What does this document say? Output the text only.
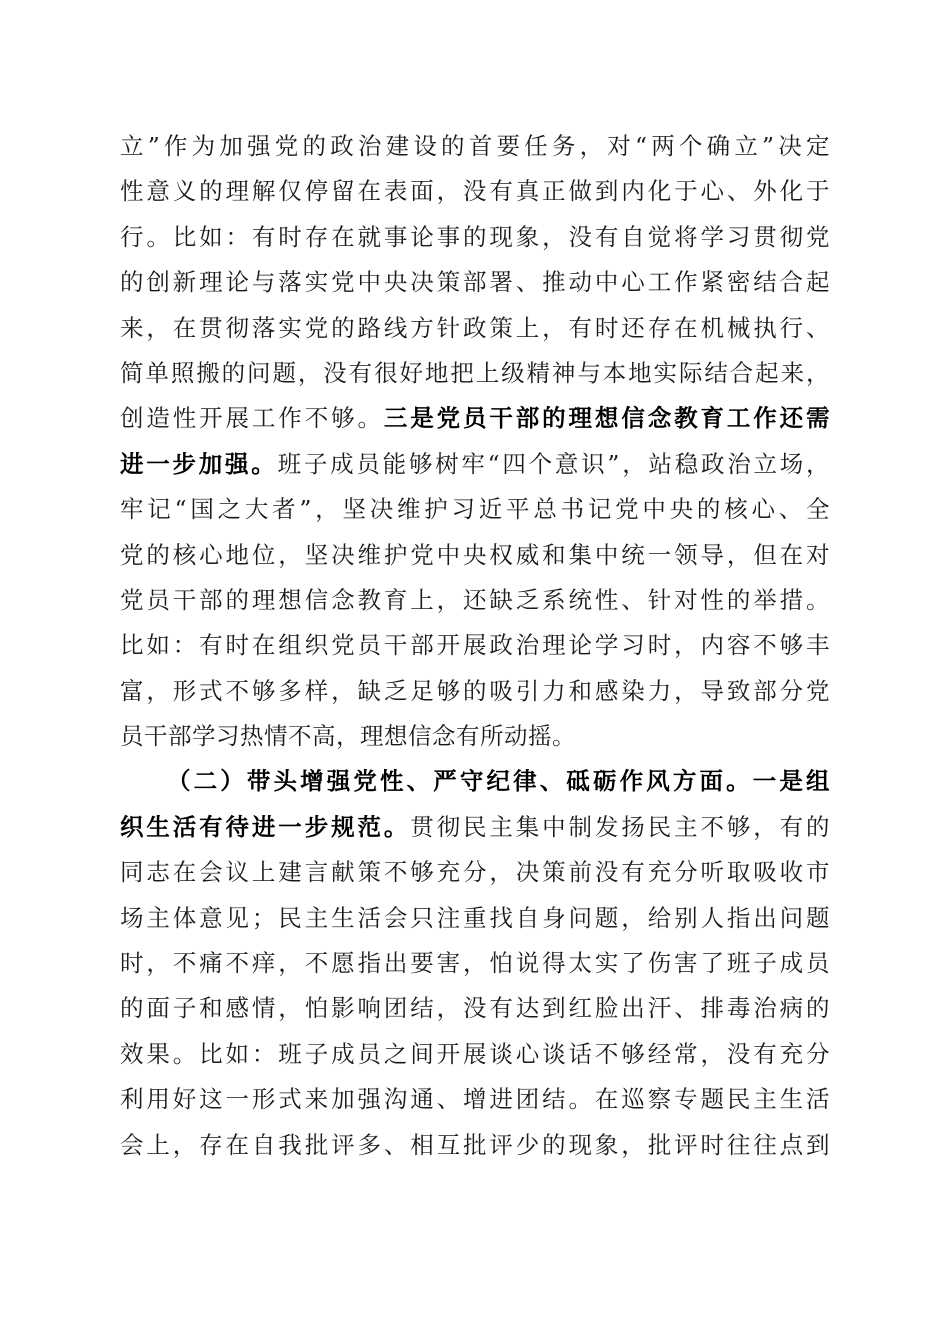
立”作为加强党的政治建设的首要任务，对“两个确立”决定
性意义的理解仅停留在表面，没有真正做到内化于心、外化于
行。比如：有时存在就事论事的现象，没有自觉将学习贯彻党
的创新理论与落实党中央决策部署、推动中心工作紧密结合起
来，在贯彻落实党的路线方针政策上，有时还存在机械执行、
简单照搬的问题，没有很好地把上级精神与本地实际结合起来，
创造性开展工作不够。三是党员干部的理想信念教育工作还需
进一步加强。班子成员能够树牢“四个意识”，站稳政治立场，
牢记“国之大者”，坚决维护习近平总书记党中央的核心、全
党的核心地位，坚决维护党中央权威和集中统一领导，但在对
党员干部的理想信念教育上，还缺乏系统性、针对性的举措。
比如：有时在组织党员干部开展政治理论学习时，内容不够丰
富，形式不够多样，缺乏足够的吸引力和感染力，导致部分党
员干部学习热情不高，理想信念有所动摇。
（二）带头增强党性、严守纪律、砥砺作风方面。一是组
织生活有待进一步规范。贯彻民主集中制发扬民主不够，有的
同志在会议上建言献策不够充分，决策前没有充分听取吸收市
场主体意见；民主生活会只注重找自身问题，给别人指出问题
时，不痛不痒，不愿指出要害，怕说得太实了伤害了班子成员
的面子和感情，怕影响团结，没有达到红脸出汗、排毒治病的
效果。比如：班子成员之间开展谈心谈话不够经常，没有充分
利用好这一形式来加强沟通、增进团结。在巡察专题民主生活
会上，存在自我批评多、相互批评少的现象，批评时往往点到
